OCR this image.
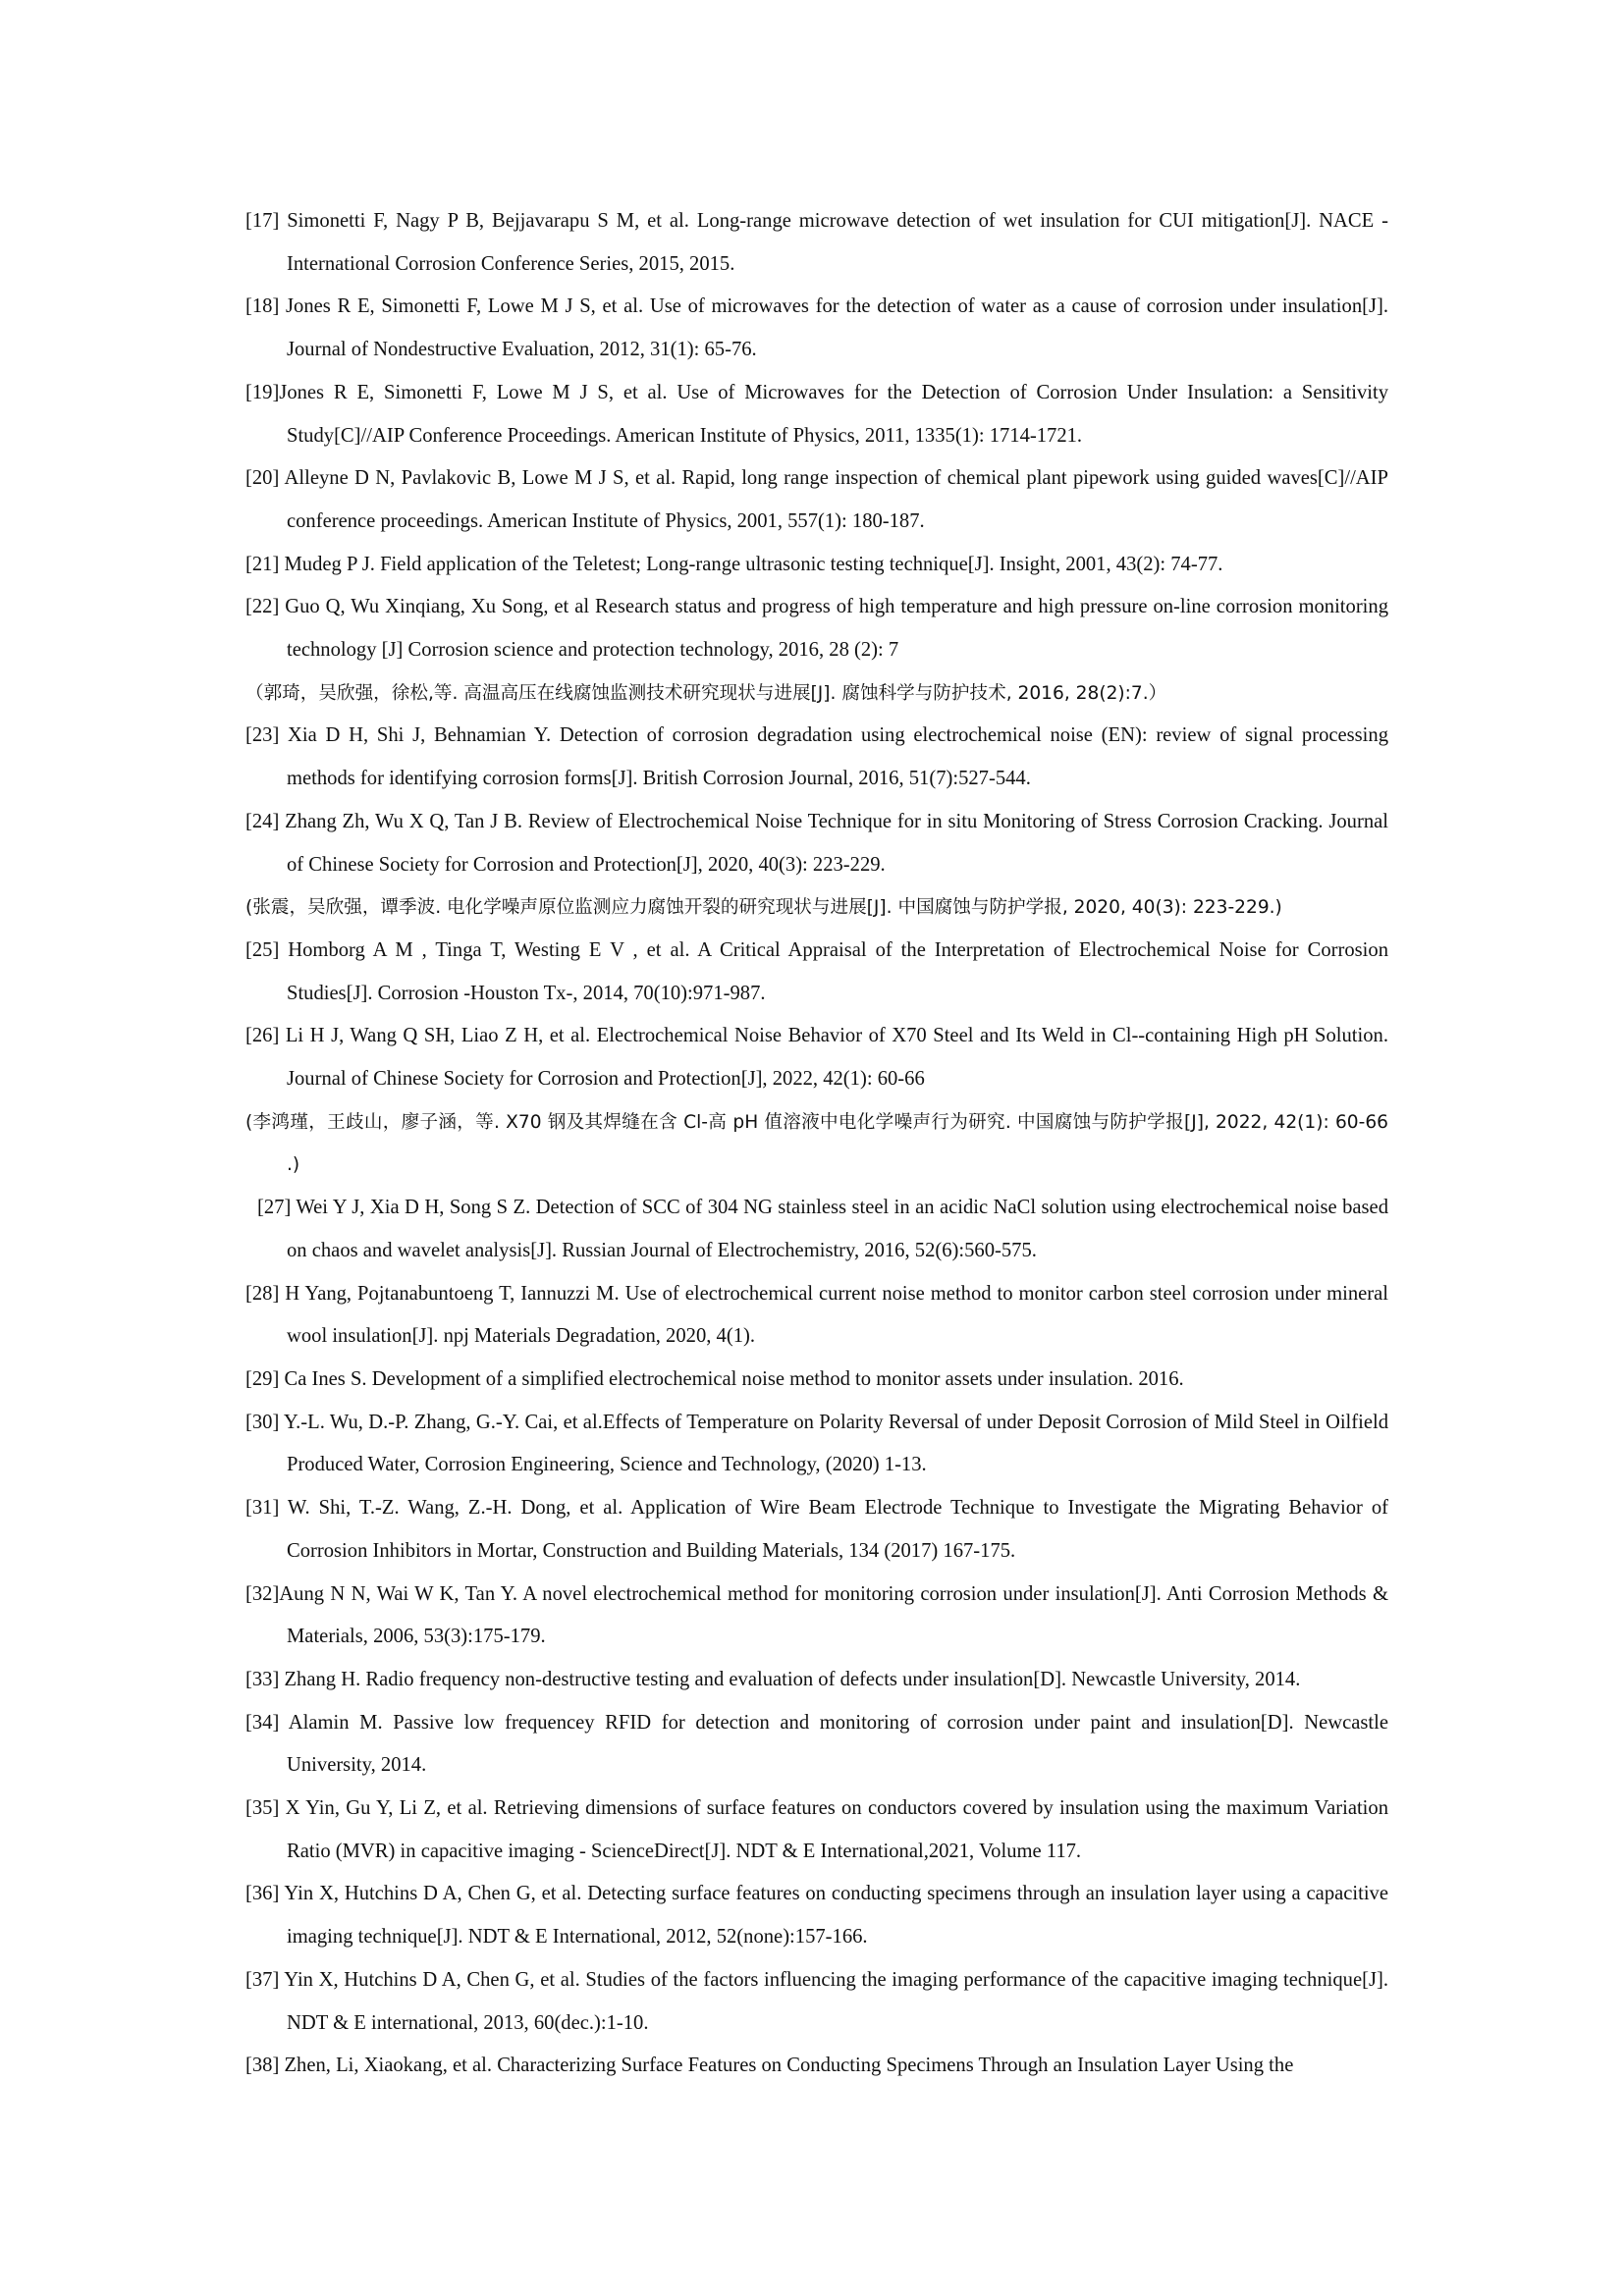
[17] Simonetti F, Nagy P B, Bejjavarapu S M, et al. Long-range microwave detection of wet insulation for CUI mitigation[J]. NACE - International Corrosion Conference Series, 2015, 2015.

[18] Jones R E, Simonetti F, Lowe M J S, et al. Use of microwaves for the detection of water as a cause of corrosion under insulation[J]. Journal of Nondestructive Evaluation, 2012, 31(1): 65-76.

[19]Jones R E, Simonetti F, Lowe M J S, et al. Use of Microwaves for the Detection of Corrosion Under Insulation: a Sensitivity Study[C]//AIP Conference Proceedings. American Institute of Physics, 2011, 1335(1): 1714-1721.

[20] Alleyne D N, Pavlakovic B, Lowe M J S, et al. Rapid, long range inspection of chemical plant pipework using guided waves[C]//AIP conference proceedings. American Institute of Physics, 2001, 557(1): 180-187.

[21] Mudeg P J. Field application of the Teletest; Long-range ultrasonic testing technique[J]. Insight, 2001, 43(2): 74-77.

[22] Guo Q, Wu Xinqiang, Xu Song, et al Research status and progress of high temperature and high pressure on-line corrosion monitoring technology [J] Corrosion science and protection technology, 2016, 28 (2): 7

（郭琦，吴欣强，徐松,等. 高温高压在线腐蚀监测技术研究现状与进展[J]. 腐蚀科学与防护技术, 2016, 28(2):7.）

[23] Xia D H, Shi J, Behnamian Y. Detection of corrosion degradation using electrochemical noise (EN): review of signal processing methods for identifying corrosion forms[J]. British Corrosion Journal, 2016, 51(7):527-544.

[24] Zhang Zh, Wu X Q, Tan J B. Review of Electrochemical Noise Technique for in situ Monitoring of Stress Corrosion Cracking. Journal of Chinese Society for Corrosion and Protection[J], 2020, 40(3): 223-229.

(张震，吴欣强，谭季波. 电化学噪声原位监测应力腐蚀开裂的研究现状与进展[J]. 中国腐蚀与防护学报, 2020, 40(3): 223-229.)

[25] Homborg A M , Tinga T, Westing E V , et al. A Critical Appraisal of the Interpretation of Electrochemical Noise for Corrosion Studies[J]. Corrosion -Houston Tx-, 2014, 70(10):971-987.

[26] Li H J, Wang Q SH, Liao Z H, et al. Electrochemical Noise Behavior of X70 Steel and Its Weld in Cl--containing High pH Solution. Journal of Chinese Society for Corrosion and Protection[J], 2022, 42(1): 60-66

(李鸿瑾，王歧山，廖子涵，等. X70 钢及其焊缝在含 Cl-高 pH 值溶液中电化学噪声行为研究. 中国腐蚀与防护学报[J], 2022, 42(1): 60-66 .)

[27] Wei Y J, Xia D H, Song S Z. Detection of SCC of 304 NG stainless steel in an acidic NaCl solution using electrochemical noise based on chaos and wavelet analysis[J]. Russian Journal of Electrochemistry, 2016, 52(6):560-575.

[28] H Yang, Pojtanabuntoeng T, Iannuzzi M. Use of electrochemical current noise method to monitor carbon steel corrosion under mineral wool insulation[J]. npj Materials Degradation, 2020, 4(1).

[29] Ca Ines S. Development of a simplified electrochemical noise method to monitor assets under insulation. 2016.

[30] Y.-L. Wu, D.-P. Zhang, G.-Y. Cai, et al.Effects of Temperature on Polarity Reversal of under Deposit Corrosion of Mild Steel in Oilfield Produced Water, Corrosion Engineering, Science and Technology, (2020) 1-13.

[31] W. Shi, T.-Z. Wang, Z.-H. Dong, et al. Application of Wire Beam Electrode Technique to Investigate the Migrating Behavior of Corrosion Inhibitors in Mortar, Construction and Building Materials, 134 (2017) 167-175.

[32]Aung N N, Wai W K, Tan Y. A novel electrochemical method for monitoring corrosion under insulation[J]. Anti Corrosion Methods & Materials, 2006, 53(3):175-179.

[33] Zhang H. Radio frequency non-destructive testing and evaluation of defects under insulation[D]. Newcastle University, 2014.

[34] Alamin M. Passive low frequencey RFID for detection and monitoring of corrosion under paint and insulation[D]. Newcastle University, 2014.

[35] X Yin, Gu Y, Li Z, et al. Retrieving dimensions of surface features on conductors covered by insulation using the maximum Variation Ratio (MVR) in capacitive imaging - ScienceDirect[J]. NDT & E International,2021, Volume 117.

[36] Yin X, Hutchins D A, Chen G, et al. Detecting surface features on conducting specimens through an insulation layer using a capacitive imaging technique[J]. NDT & E International, 2012, 52(none):157-166.

[37] Yin X, Hutchins D A, Chen G, et al. Studies of the factors influencing the imaging performance of the capacitive imaging technique[J]. NDT & E international, 2013, 60(dec.):1-10.

[38] Zhen, Li, Xiaokang, et al. Characterizing Surface Features on Conducting Specimens Through an Insulation Layer Using the
